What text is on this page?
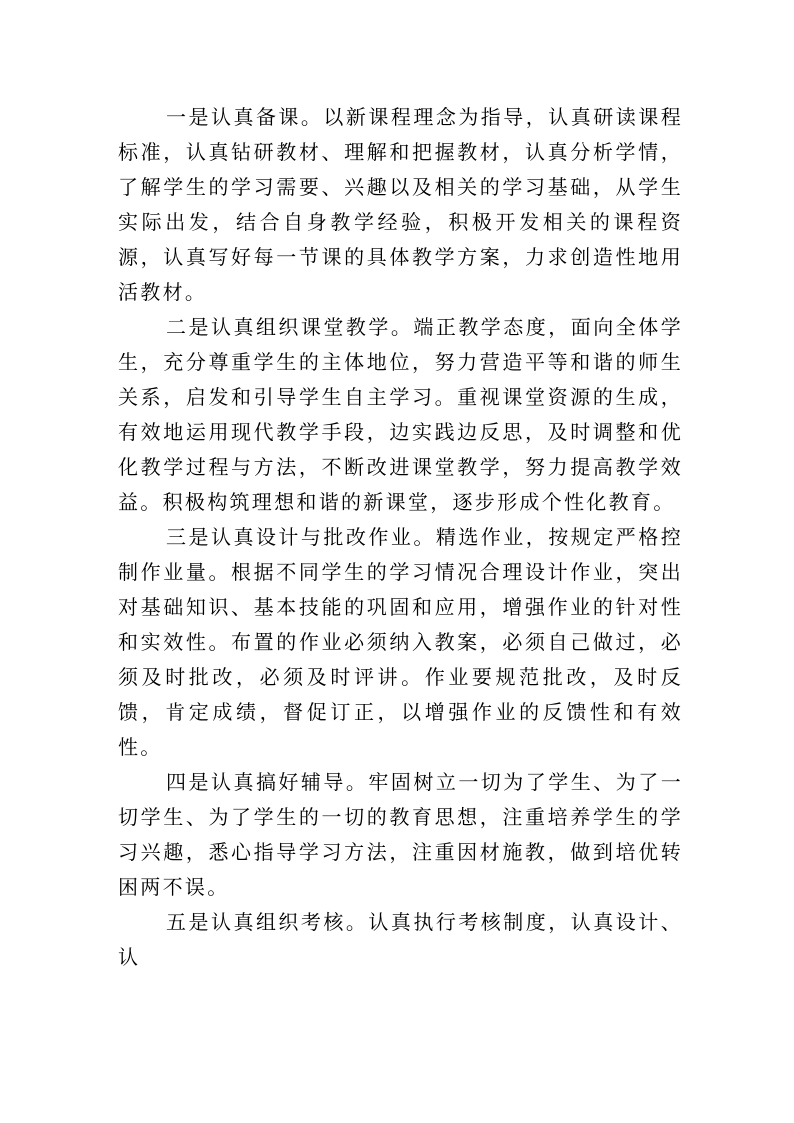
一是认真备课。以新课程理念为指导，认真研读课程标准，认真钻研教材、理解和把握教材，认真分析学情，了解学生的学习需要、兴趣以及相关的学习基础，从学生实际出发，结合自身教学经验，积极开发相关的课程资源，认真写好每一节课的具体教学方案，力求创造性地用活教材。

二是认真组织课堂教学。端正教学态度，面向全体学生，充分尊重学生的主体地位，努力营造平等和谐的师生关系，启发和引导学生自主学习。重视课堂资源的生成，有效地运用现代教学手段，边实践边反思，及时调整和优化教学过程与方法，不断改进课堂教学，努力提高教学效益。积极构筑理想和谐的新课堂，逐步形成个性化教育。

三是认真设计与批改作业。精选作业，按规定严格控制作业量。根据不同学生的学习情况合理设计作业，突出对基础知识、基本技能的巩固和应用，增强作业的针对性和实效性。布置的作业必须纳入教案，必须自己做过，必须及时批改，必须及时评讲。作业要规范批改，及时反馈，肯定成绩，督促订正，以增强作业的反馈性和有效性。

四是认真搞好辅导。牢固树立一切为了学生、为了一切学生、为了学生的一切的教育思想，注重培养学生的学习兴趣，悉心指导学习方法，注重因材施教，做到培优转困两不误。

五是认真组织考核。认真执行考核制度，认真设计、认
